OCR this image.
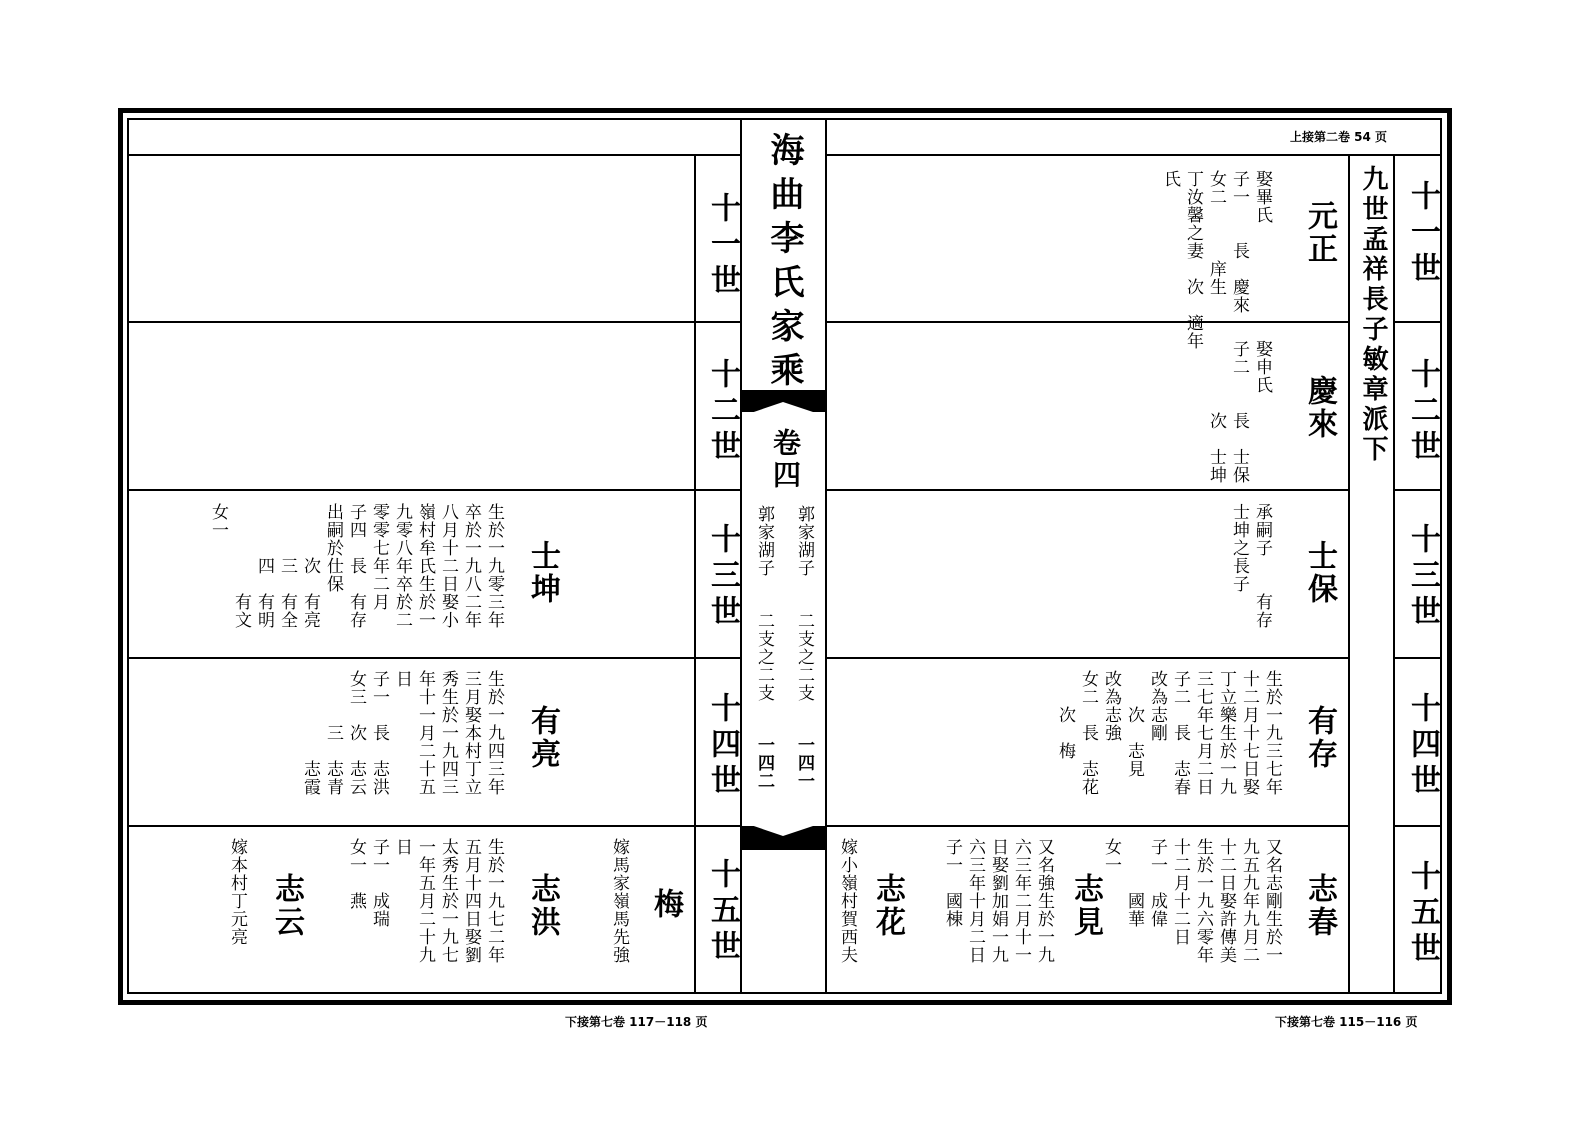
海曲李氏家乘
卷四
郭家湖子
二支之二支
一四一
郭家湖子
二支之二支
一四二
上接第二卷 54 页
下接第七卷 117－118 页	下接第七卷 115－116 页
十一世
十二世
十三世
十四世
十五世
十一世
十二世
十三世
十四世
十五世
九世孟祥長子敏章派下
元正
娶畢氏
子一　　長　慶來
女二　　　庠生
丁汝馨之妻　次　適年
氏
慶來
娶申氏
子二　　長　士保
　　　　次　士坤
士保
承嗣子　　有存
士坤之長子
有存
生於一九三七年
十二月十七日娶
丁立樂生於一九
三七年七月二日
子二　長　志春
改為志剛
　　次　志見
改為志強
女二　長　志花
　　次　梅
志春
又名志剛生於一
九五九年九月二
十二日娶許傳美
生於一九六零年
十二月十二日
子一　成偉
　　　國華
女一
志見
又名強生於一九
六三年二月十一
日娶劉加娟一九
六三年十月二日
子一　國棟
志花
嫁小嶺村賀西夫
士坤
生於一九零三年
卒於一九八二年
八月十二日娶小
嶺村牟氏生於一
九零八年卒於二
零零七年二月
子四　長　有存
出嗣於仕保
　　　次　有亮
　　　三　有全
　　　四　有明
　　　　　有文
女一
有亮
生於一九四三年
三月娶本村丁立
秀生於一九四三
年十一月二十五
日
子一　長　志洪
女三　次　志云
　　　三　志青
　　　　　志霞
梅
嫁馬家嶺馬先強
志洪
生於一九七二年
五月十四日娶劉
太秀生於一九七
一年五月二十九
日
子一　成瑞
女一　燕
志云
嫁本村丁元亮
